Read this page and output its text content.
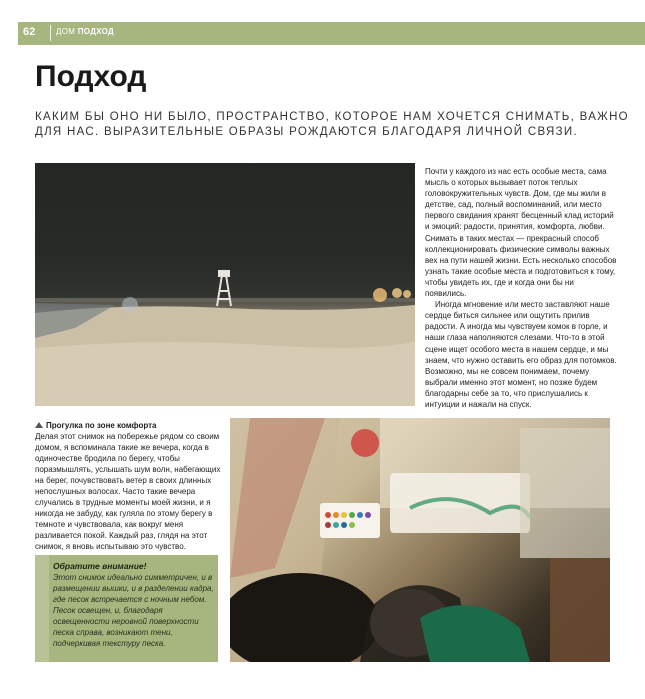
62	ДОМ ПОДХОД
Подход

КАКИМ БЫ ОНО НИ БЫЛО, ПРОСТРАНСТВО, КОТОРОЕ НАМ ХОЧЕТСЯ СНИМАТЬ, ВАЖНО ДЛЯ НАС. ВЫРАЗИТЕЛЬНЫЕ ОБРАЗЫ РОЖДАЮТСЯ БЛАГОДАРЯ ЛИЧНОЙ СВЯЗИ.

Почти у каждого из нас есть особые места, сама мысль о которых вызывает поток теплых головокружительных чувств. Дом, где мы жили в детстве, сад, полный воспоминаний, или место первого свидания хранят бесценный клад историй и эмоций: радости, принятия, комфорта, любви. Снимать в таких местах — прекрасный способ коллекционировать физические символы важных вех на пути нашей жизни. Есть несколько способов узнать такие особые места и подготовиться к тому, чтобы увидеть их, где и когда они бы ни появились.

Иногда мгновение или место заставляют наше сердце биться сильнее или ощутить прилив радости. А иногда мы чувствуем комок в горле, и наши глаза наполняются слезами. Что-то в этой сцене ищет особого места в нашем сердце, и мы знаем, что нужно оставить его образ для потомков. Возможно, мы не совсем понимаем, почему выбрали именно этот момент, но позже будем благодарны себе за то, что прислушались к интуиции и нажали на спуск.

Прогулка по зоне комфорта

Делая этот снимок на побережье рядом со своим домом, я вспоминала такие же вечера, когда в одиночестве бродила по берегу, чтобы поразмышлять, услышать шум волн, набегающих на берег, почувствовать ветер в своих длинных непослушных волосах. Часто такие вечера случались в трудные моменты моей жизни, и я никогда не забуду, как гуляла по этому берегу в темноте и чувствовала, как вокруг меня разливается покой. Каждый раз, глядя на этот снимок, я вновь испытываю это чувство.

Обратите внимание!

Этот снимок идеально симметричен, и в размещении вышки, и в разделении кадра, где песок встречается с ночным небом. Песок освещен, и, благодаря освещенности неровной поверхности песка справа, возникают тени, подчеркивая текстуру песка.
